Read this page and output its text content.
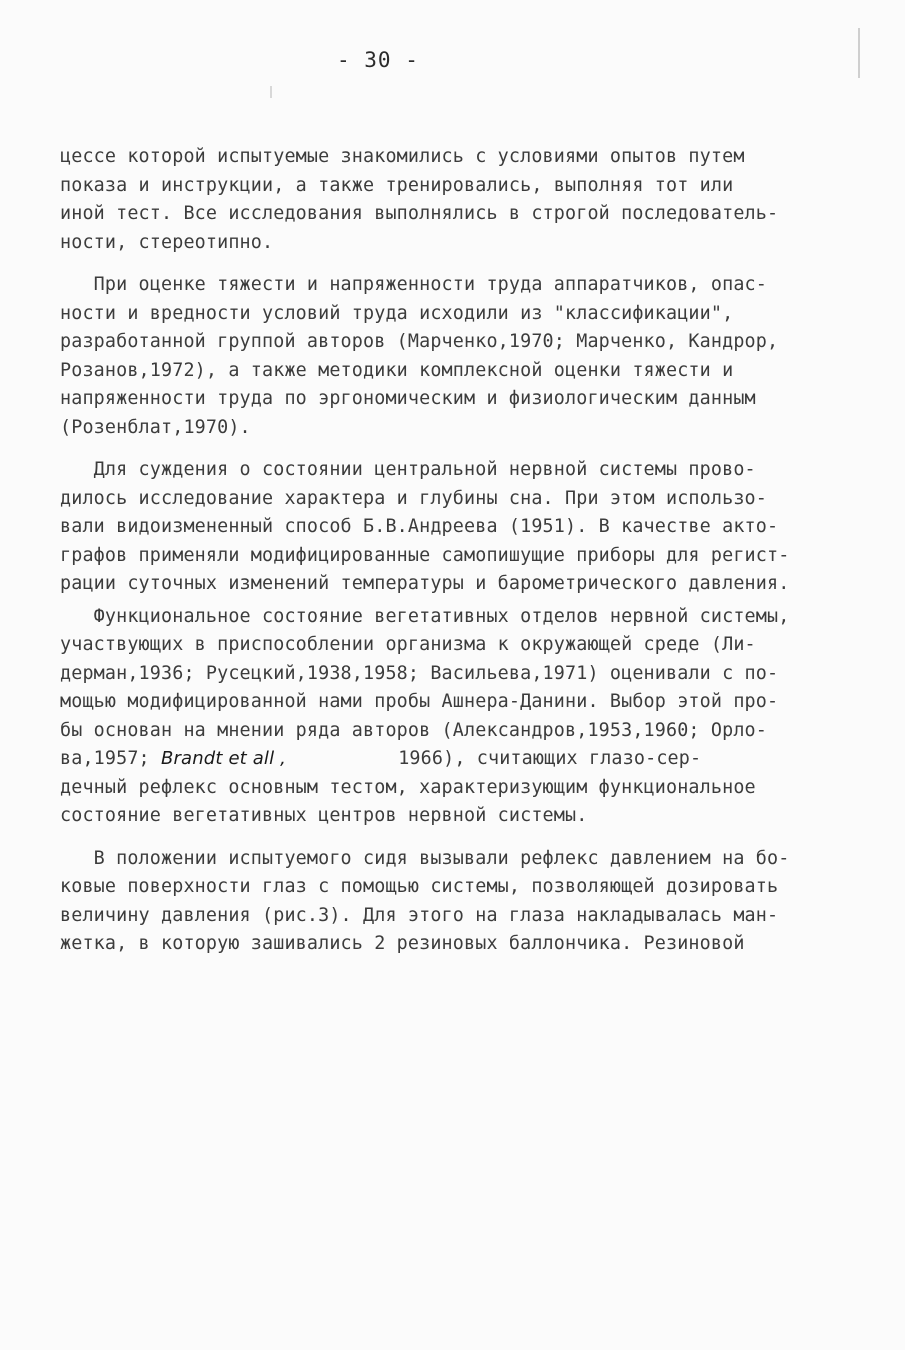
- 30 -
цессе которой испытуемые знакомились с условиями опытов путем
показа и инструкции, а также тренировались, выполняя тот или
иной тест. Все исследования выполнялись в строгой последователь-
ности, стереотипно.
При оценке тяжести и напряженности труда аппаратчиков, опас-
ности и вредности условий труда исходили из "классификации",
разработанной группой авторов (Марченко,1970; Марченко, Кандрор,
Розанов,1972), а также методики комплексной оценки тяжести и
напряженности труда по эргономическим и физиологическим данным
(Розенблат,1970).
Для суждения о состоянии центральной нервной системы прово-
дилось исследование характера и глубины сна. При этом использо-
вали видоизмененный способ Б.В.Андреева (1951). В качестве акто-
графов применяли модифицированные самопишущие приборы для регист-
рации суточных изменений температуры и барометрического давления.
Функциональное состояние вегетативных отделов нервной системы,
участвующих в приспособлении организма к окружающей среде (Ли-
дерман,1936; Русецкий,1938,1958; Васильева,1971) оценивали с по-
мощью модифицированной нами пробы Ашнера-Данини. Выбор этой про-
бы основан на мнении ряда авторов (Александров,1953,1960; Орло-
ва,1957; Brandt et all ,          1966), считающих глазо-сер-
дечный рефлекс основным тестом, характеризующим функциональное
состояние вегетативных центров нервной системы.
В положении испытуемого сидя вызывали рефлекс давлением на бо-
ковые поверхности глаз с помощью системы, позволяющей дозировать
величину давления (рис.3). Для этого на глаза накладывалась ман-
жетка, в которую зашивались 2 резиновых баллончика. Резиновой
